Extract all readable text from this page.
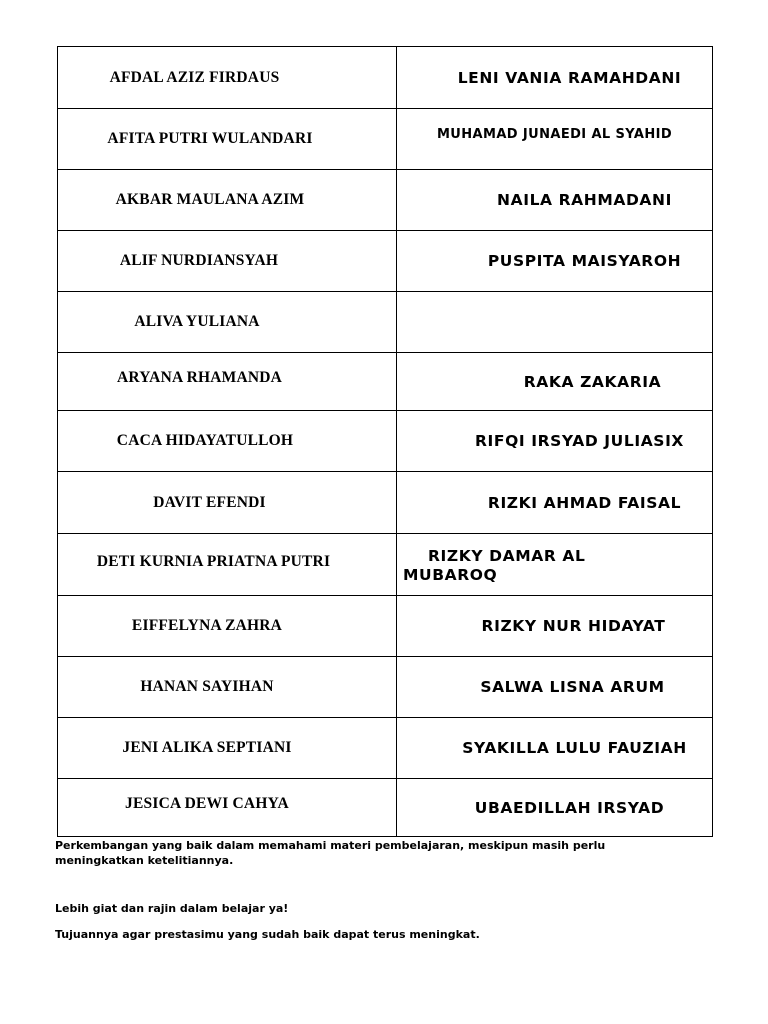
AFDAL AZIZ FIRDAUS	LENI VANIA RAMAHDANI
AFITA PUTRI WULANDARI	MUHAMAD JUNAEDI AL SYAHID
AKBAR MAULANA AZIM	NAILA RAHMADANI
ALIF NURDIANSYAH	PUSPITA MAISYAROH
ALIVA YULIANA	
ARYANA RHAMANDA	RAKA ZAKARIA
CACA HIDAYATULLOH	RIFQI IRSYAD JULIASIX
DAVIT EFENDI	RIZKI AHMAD FAISAL
DETI KURNIA PRIATNA PUTRI	RIZKY DAMAR AL
MUBAROQ
EIFFELYNA ZAHRA	RIZKY NUR HIDAYAT
HANAN SAYIHAN	SALWA LISNA ARUM
JENI ALIKA SEPTIANI	SYAKILLA LULU FAUZIAH
JESICA DEWI CAHYA	UBAEDILLAH IRSYAD

Perkembangan yang baik dalam memahami materi pembelajaran, meskipun masih perlu meningkatkan ketelitiannya.

Lebih giat dan rajin dalam belajar ya!
Tujuannya agar prestasimu yang sudah baik dapat terus meningkat.
